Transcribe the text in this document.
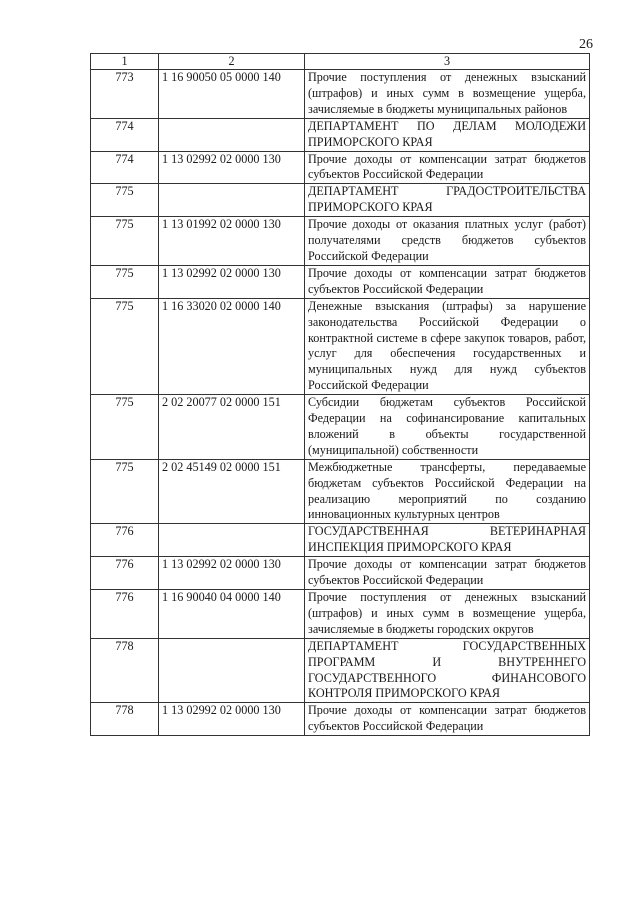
26
1	2	3
773	1 16 90050 05 0000 140	Прочие поступления от денежных взысканий (штрафов) и иных сумм в возмещение ущерба, зачисляемые в бюджеты муниципальных районов
774		ДЕПАРТАМЕНТ ПО ДЕЛАМ МОЛОДЕЖИ ПРИМОРСКОГО КРАЯ
774	1 13 02992 02 0000 130	Прочие доходы от компенсации затрат бюджетов субъектов Российской Федерации
775		ДЕПАРТАМЕНТ ГРАДОСТРОИТЕЛЬСТВА ПРИМОРСКОГО КРАЯ
775	1 13 01992 02 0000 130	Прочие доходы от оказания платных услуг (работ) получателями средств бюджетов субъектов Российской Федерации
775	1 13 02992 02 0000 130	Прочие доходы от компенсации затрат бюджетов субъектов Российской Федерации
775	1 16 33020 02 0000 140	Денежные взыскания (штрафы) за нарушение законодательства Российской Федерации о контрактной системе в сфере закупок товаров, работ, услуг для обеспечения государственных и муниципальных нужд для нужд субъектов Российской Федерации
775	2 02 20077 02 0000 151	Субсидии бюджетам субъектов Российской Федерации на софинансирование капитальных вложений в объекты государственной (муниципальной) собственности
775	2 02 45149 02 0000 151	Межбюджетные трансферты, передаваемые бюджетам субъектов Российской Федерации на реализацию мероприятий по созданию инновационных культурных центров
776		ГОСУДАРСТВЕННАЯ ВЕТЕРИНАРНАЯ ИНСПЕКЦИЯ ПРИМОРСКОГО КРАЯ
776	1 13 02992 02 0000 130	Прочие доходы от компенсации затрат бюджетов субъектов Российской Федерации
776	1 16 90040 04 0000 140	Прочие поступления от денежных взысканий (штрафов) и иных сумм в возмещение ущерба, зачисляемые в бюджеты городских округов
778		ДЕПАРТАМЕНТ ГОСУДАРСТВЕННЫХ ПРОГРАММ И ВНУТРЕННЕГО ГОСУДАРСТВЕННОГО ФИНАНСОВОГО КОНТРОЛЯ ПРИМОРСКОГО КРАЯ
778	1 13 02992 02 0000 130	Прочие доходы от компенсации затрат бюджетов субъектов Российской Федерации
